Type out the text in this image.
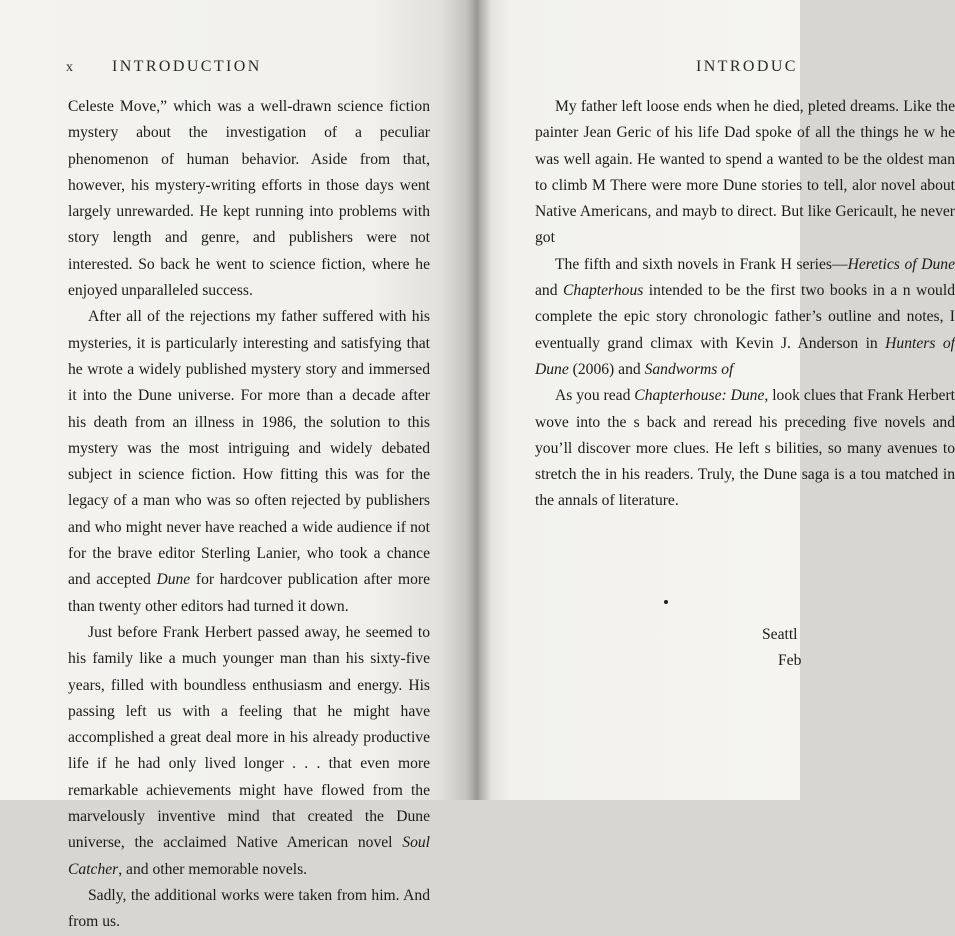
x INTRODUCTION

Celeste Move,” which was a well-drawn science fiction mystery about the investigation of a peculiar phenomenon of human behavior. Aside from that, however, his mystery-writing efforts in those days went largely unrewarded. He kept running into problems with story length and genre, and publishers were not interested. So back he went to science fiction, where he enjoyed unparalleled success.

After all of the rejections my father suffered with his mysteries, it is particularly interesting and satisfying that he wrote a widely published mystery story and immersed it into the Dune universe. For more than a decade after his death from an illness in 1986, the solution to this mystery was the most intriguing and widely debated subject in science fiction. How fitting this was for the legacy of a man who was so often rejected by publishers and who might never have reached a wide audience if not for the brave editor Sterling Lanier, who took a chance and accepted Dune for hardcover publication after more than twenty other editors had turned it down.

Just before Frank Herbert passed away, he seemed to his family like a much younger man than his sixty-five years, filled with boundless enthusiasm and energy. His passing left us with a feeling that he might have accomplished a great deal more in his already productive life if he had only lived longer . . . that even more remarkable achievements might have flowed from the marvelously inventive mind that created the Dune universe, the acclaimed Native American novel Soul Catcher, and other memorable novels.

Sadly, the additional works were taken from him. And from us.

INTRODUC

My father left loose ends when he died, pleted dreams. Like the painter Jean Geric of his life Dad spoke of all the things he w he was well again. He wanted to spend a wanted to be the oldest man to climb M There were more Dune stories to tell, alor novel about Native Americans, and mayb to direct. But like Gericault, he never got

The fifth and sixth novels in Frank H series—Heretics of Dune and Chapterhous intended to be the first two books in a n would complete the epic story chronologic father’s outline and notes, I eventually grand climax with Kevin J. Anderson in Hunters of Dune (2006) and Sandworms of

As you read Chapterhouse: Dune, look clues that Frank Herbert wove into the s back and reread his preceding five novels and you’ll discover more clues. He left s bilities, so many avenues to stretch the in his readers. Truly, the Dune saga is a tou matched in the annals of literature.

Seattl
Feb
